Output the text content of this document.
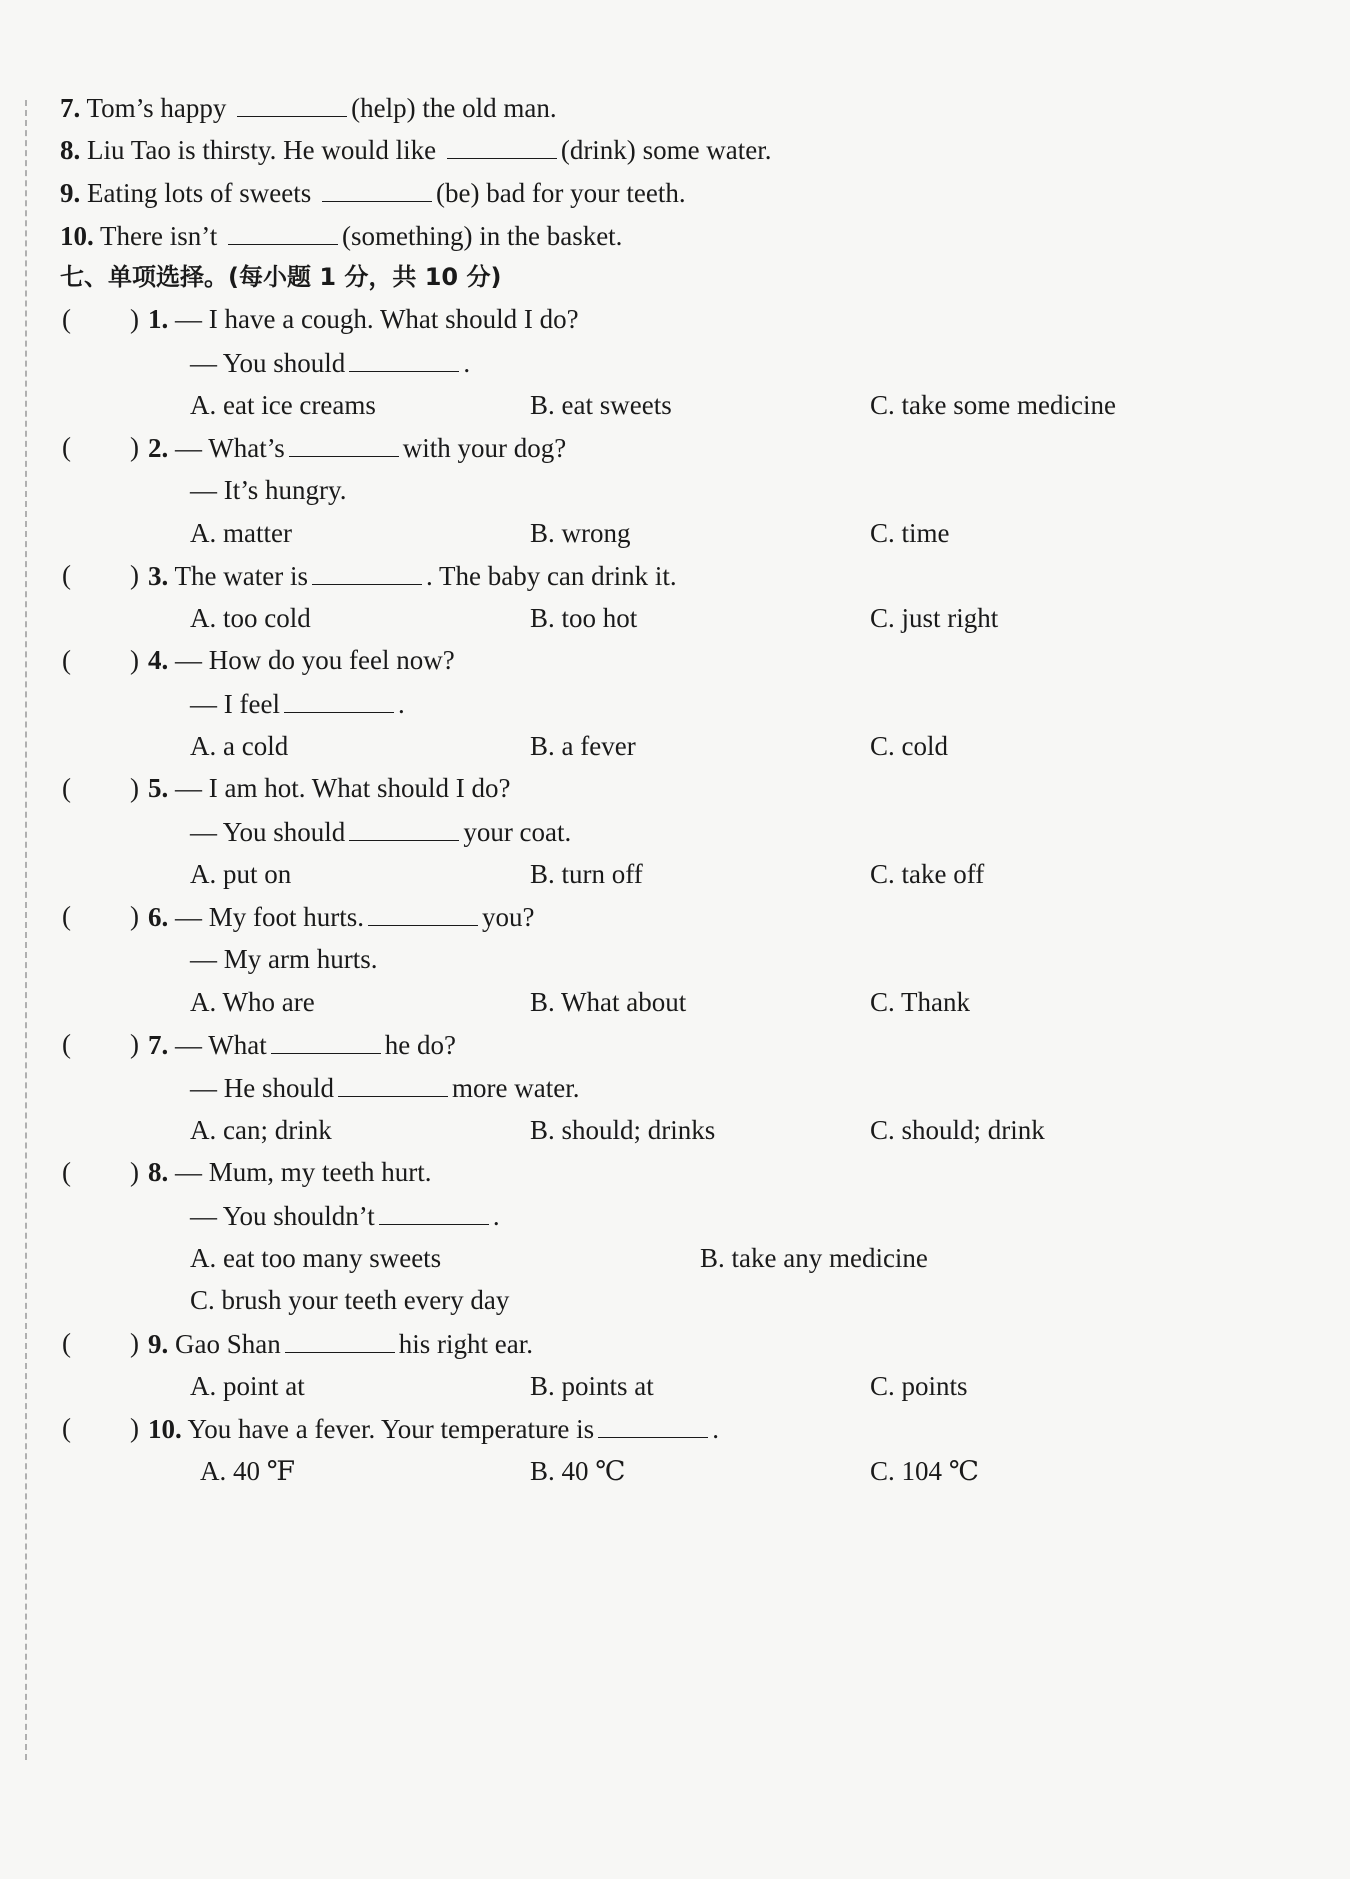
7. Tom’s happy	(help) the old man.
8. Liu Tao is thirsty. He would like	(drink) some water.
9. Eating lots of sweets	(be) bad for your teeth.
10. There isn’t	(something) in the basket.
七、单项选择。(每小题 1 分，共 10 分)
( ) 1. — I have a cough. What should I do?
— You should	.
A. eat ice creams	B. eat sweets	C. take some medicine
( ) 2. — What’s	with your dog?
— It’s hungry.
A. matter	B. wrong	C. time
( ) 3. The water is	. The baby can drink it.
A. too cold	B. too hot	C. just right
( ) 4. — How do you feel now?
— I feel	.
A. a cold	B. a fever	C. cold
( ) 5. — I am hot. What should I do?
— You should	your coat.
A. put on	B. turn off	C. take off
( ) 6. — My foot hurts.	you?
— My arm hurts.
A. Who are	B. What about	C. Thank
( ) 7. — What	he do?
— He should	more water.
A. can; drink	B. should; drinks	C. should; drink
( ) 8. — Mum, my teeth hurt.
— You shouldn’t	.
A. eat too many sweets	B. take any medicine
C. brush your teeth every day
( ) 9. Gao Shan	his right ear.
A. point at	B. points at	C. points
( ) 10. You have a fever. Your temperature is	.
A. 40 ℉	B. 40 ℃	C. 104 ℃
